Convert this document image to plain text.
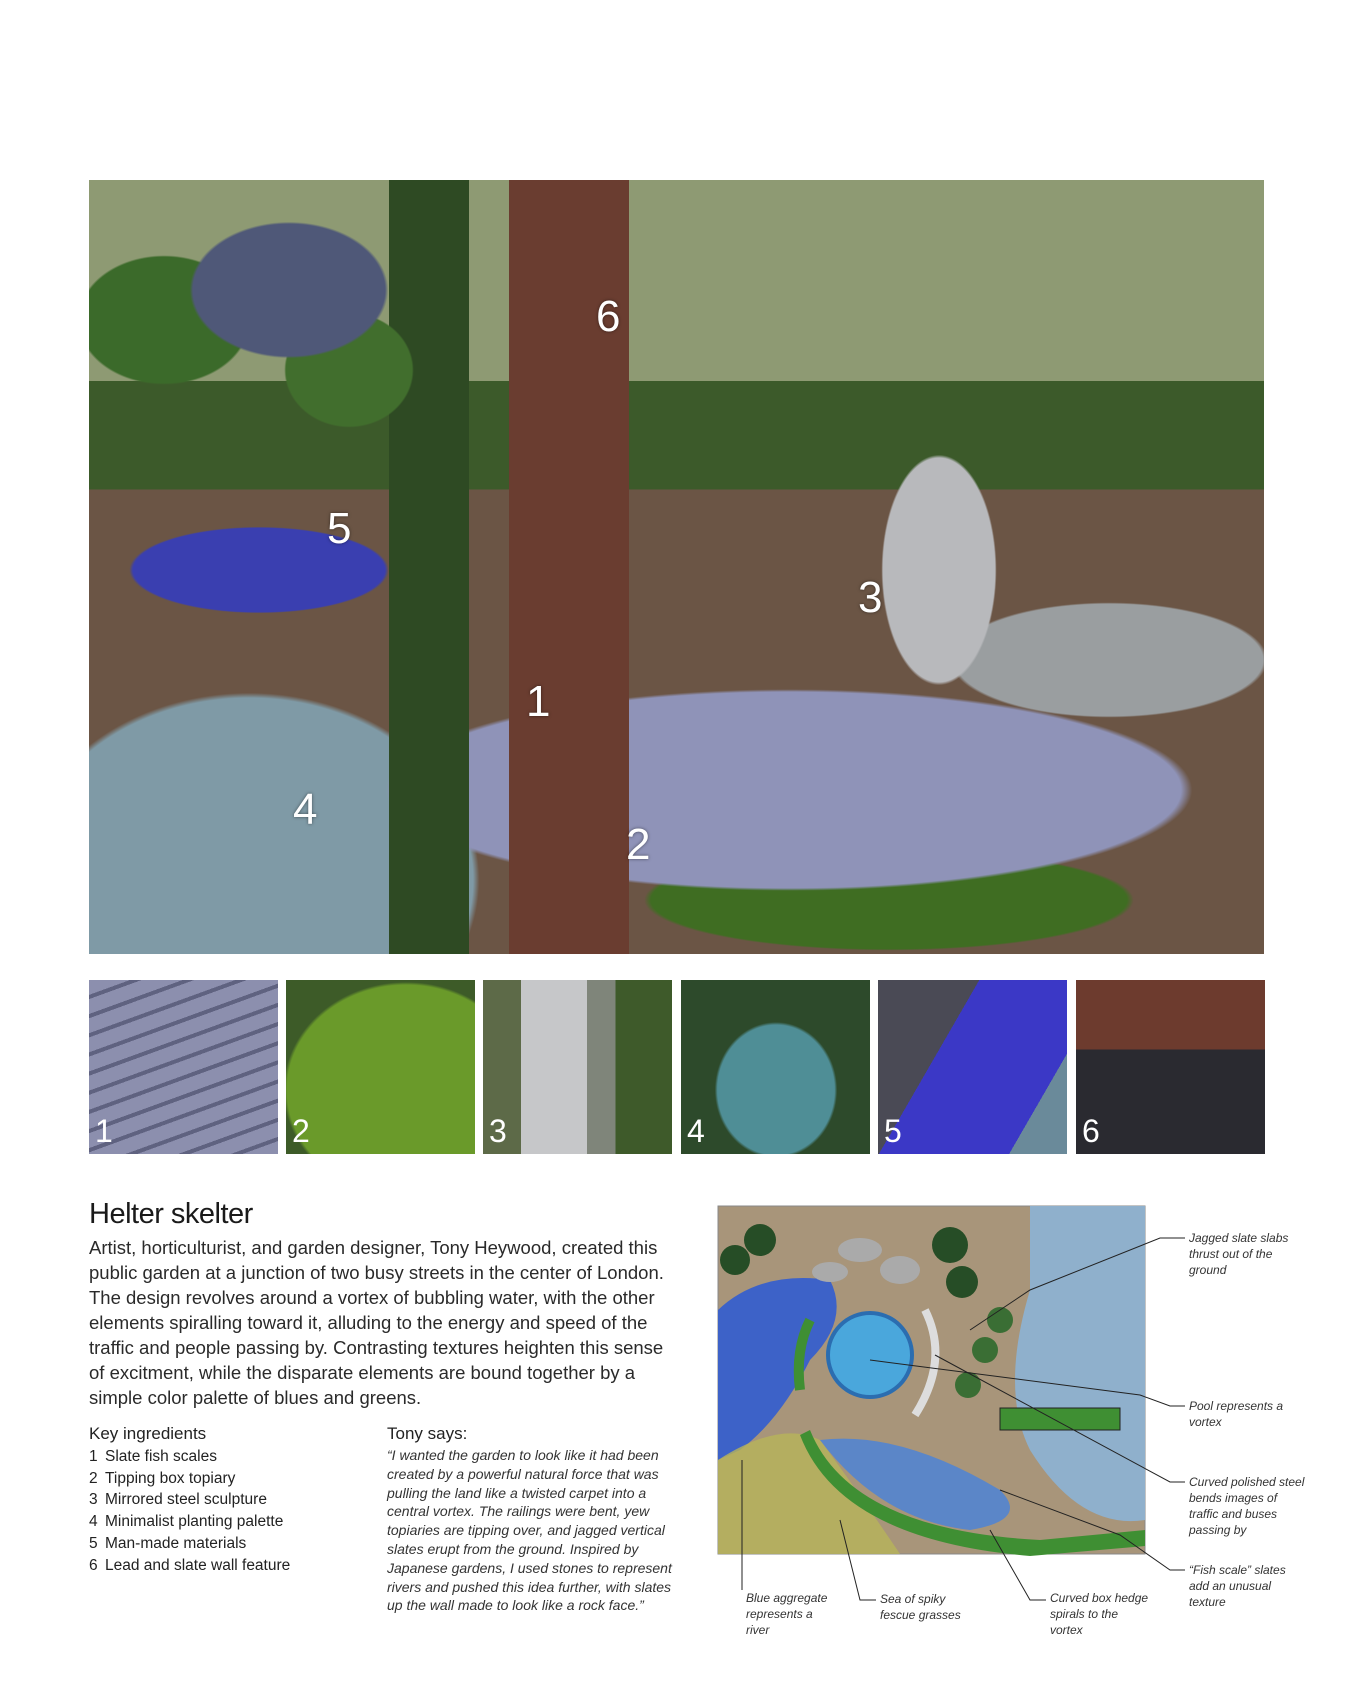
6
5
3
1
4
2
1	2	3	4	5	6
Helter skelter

Artist, horticulturist, and garden designer, Tony Heywood, created this public garden at a junction of two busy streets in the center of London. The design revolves around a vortex of bubbling water, with the other elements spiralling toward it, alluding to the energy and speed of the traffic and people passing by. Contrasting textures heighten this sense of excitment, while the disparate elements are bound together by a simple color palette of blues and greens.

Key ingredients
1 Slate fish scales
2 Tipping box topiary
3 Mirrored steel sculpture
4 Minimalist planting palette
5 Man-made materials
6 Lead and slate wall feature
Tony says:

“I wanted the garden to look like it had been created by a powerful natural force that was pulling the land like a twisted carpet into a central vortex. The railings were bent, yew topiaries are tipping over, and jagged vertical slates erupt from the ground. Inspired by Japanese gardens, I used stones to represent rivers and pushed this idea further, with slates up the wall made to look like a rock face.”

Jagged slate slabs thrust out of the ground
Pool represents a vortex
Curved polished steel bends images of traffic and buses passing by
“Fish scale” slates add an unusual texture
Blue aggregate represents a river
Sea of spiky fescue grasses
Curved box hedge spirals to the vortex
